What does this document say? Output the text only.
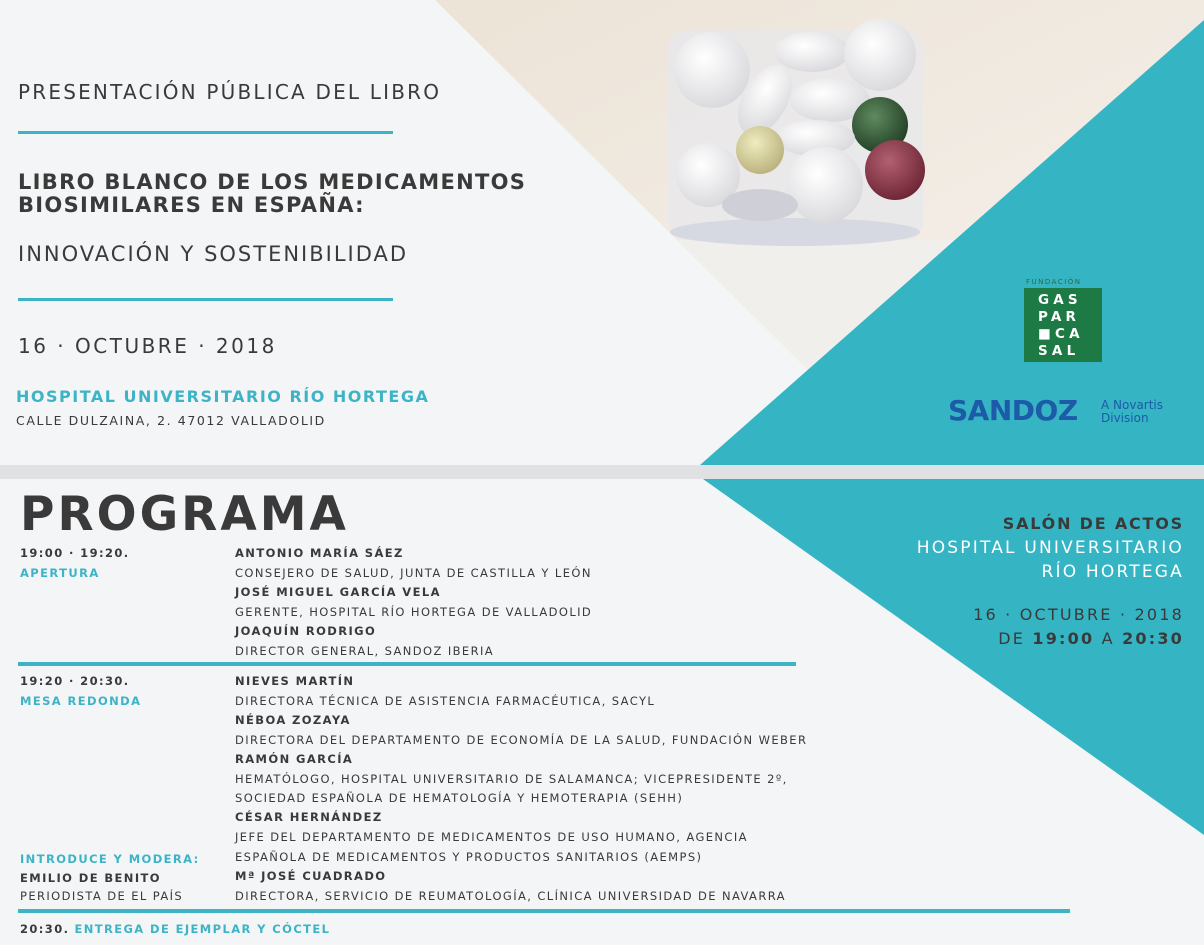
PRESENTACIÓN PÚBLICA DEL LIBRO
LIBRO BLANCO DE LOS MEDICAMENTOS
BIOSIMILARES EN ESPAÑA:
INNOVACIÓN Y SOSTENIBILIDAD
16 · OCTUBRE · 2018
HOSPITAL UNIVERSITARIO RÍO HORTEGA
CALLE DULZAINA, 2. 47012 VALLADOLID
FUNDACIÓN
GAS
PAR
■CA
SAL
SANDOZ A Novartis
Division
PROGRAMA
19:00 · 19:20.
APERTURA
ANTONIO MARÍA SÁEZ
CONSEJERO DE SALUD, JUNTA DE CASTILLA Y LEÓN
JOSÉ MIGUEL GARCÍA VELA
GERENTE, HOSPITAL RÍO HORTEGA DE VALLADOLID
JOAQUÍN RODRIGO
DIRECTOR GENERAL, SANDOZ IBERIA
19:20 · 20:30.
MESA REDONDA
NIEVES MARTÍN
DIRECTORA TÉCNICA DE ASISTENCIA FARMACÉUTICA, SACYL
NÉBOA ZOZAYA
DIRECTORA DEL DEPARTAMENTO DE ECONOMÍA DE LA SALUD, FUNDACIÓN WEBER
RAMÓN GARCÍA
HEMATÓLOGO, HOSPITAL UNIVERSITARIO DE SALAMANCA; VICEPRESIDENTE 2º,
SOCIEDAD ESPAÑOLA DE HEMATOLOGÍA Y HEMOTERAPIA (SEHH)
CÉSAR HERNÁNDEZ
JEFE DEL DEPARTAMENTO DE MEDICAMENTOS DE USO HUMANO, AGENCIA
ESPAÑOLA DE MEDICAMENTOS Y PRODUCTOS SANITARIOS (AEMPS)
Mª JOSÉ CUADRADO
DIRECTORA, SERVICIO DE REUMATOLOGÍA, CLÍNICA UNIVERSIDAD DE NAVARRA
INTRODUCE Y MODERA:
EMILIO DE BENITO
PERIODISTA DE EL PAÍS
20:30. ENTREGA DE EJEMPLAR Y CÓCTEL
SALÓN DE ACTOS
HOSPITAL UNIVERSITARIO
RÍO HORTEGA
16 · OCTUBRE · 2018
DE 19:00 A 20:30
